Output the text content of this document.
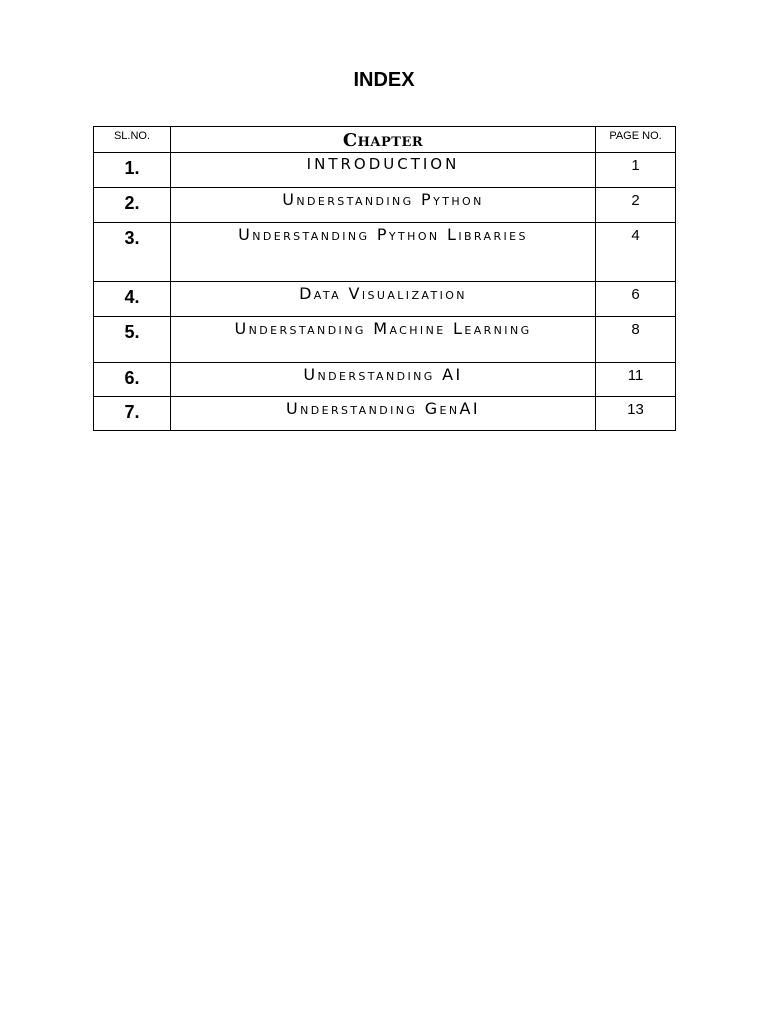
INDEX
SL.NO.	Chapter	PAGE NO.

1.	INTRODUCTION	1
2.	Understanding Python	2
3.	Understanding Python Libraries	4
4.	Data Visualization	6
5.	Understanding Machine Learning	8
6.	Understanding AI	11
7.	Understanding GenAI	13
